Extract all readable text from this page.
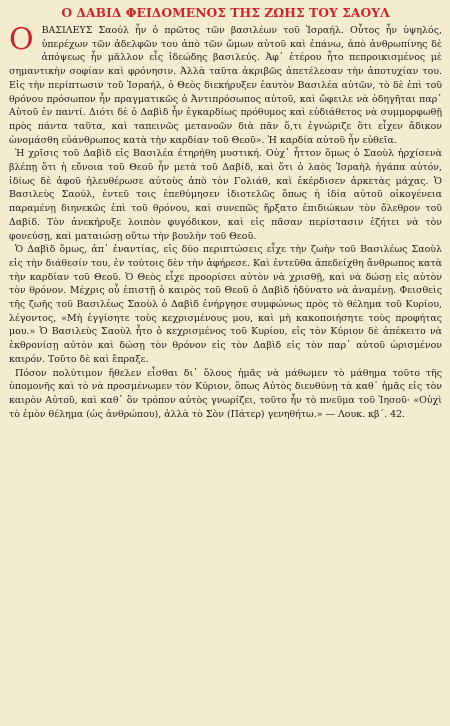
Ο ΔΑΒΙΔ ΦΕΙΔΟΜΕΝΟΣ ΤΗΣ ΖΩΗΣ ΤΟΥ ΣΑΟΥΛ

ΟΒΑΣΙΛΕΥΣ Σαούλ ἦν ὁ πρῶτος τῶν βασιλέων τοῦ Ἰσραήλ. Οὗτος ἦν ὑψηλός, ὑπερέχων τῶν ἀδελφῶν του ἀπὸ τῶν ὤμων αὐτοῦ καὶ ἐπάνω, ἀπὸ ἀνθρωπίνης δὲ ἀπόψεως ἦν μᾶλλον εἷς ἰδεώδης βασιλεύς. Ἀφ᾽ ἑτέρου ἦτο πεπροικισμένος μὲ σημαντικὴν σοφίαν καὶ φρόνησιν. Ἀλλὰ ταῦτα ἀκριβῶς ἀπετέλεσαν τὴν ἀποτυχίαν του. Εἰς τὴν περίπτωσιν τοῦ Ἰσραήλ, ὁ Θεὸς διεκήρυξεν ἑαυτὸν Βασιλέα αὐτῶν, τὸ δὲ ἐπὶ τοῦ θρόνου πρόσωπον ἦν πραγματικῶς ὁ Ἀντιπρόσωπος αὐτοῦ, καὶ ὤφειλε νὰ ὁδηγῆται παρ᾽ Αὐτοῦ ἐν παντί. Διότι δὲ ὁ Δαβὶδ ἦν ἐγκαρδίως πρόθυμος καὶ εὐδιάθετος νὰ συμμορφωθῇ πρὸς πάντα ταῦτα, καὶ ταπεινῶς μετανοῶν διὰ πᾶν ὅ,τι ἐγνώριζε ὅτι εἶχεν ἄδικον ὡνομάσθη εὐάνθρωπος κατὰ τὴν καρδίαν τοῦ Θεοῦ». Ἡ καρδία αὐτοῦ ἦν εὐθεῖα.

Ἡ χρῖσις τοῦ Δαβὶδ εἰς Βασιλέα ἐτηρήθη μυστική. Οὐχ᾽ ἧττον ὅμως ὁ Σαοὺλ ἠρχίσενὰ βλέπῃ ὅτι ἡ εὔνοια τοῦ Θεοῦ ἦν μετὰ τοῦ Δαβίδ, καὶ ὅτι ὁ λαὸς Ἰσραὴλ ἠγάπα αὐτόν, ἰδίως δὲ ἀφοῦ ἠλευθέρωσε αὐτοὺς ἀπὸ τὸν Γολιάθ, καὶ ἐκέρδισεν ἀρκετὰς μάχας. Ὁ Βασιλεὺς Σαούλ, ἐντεῦ τοις ἐπεθύμησεν ἰδιοτελῶς ὅπως ἡ ἰδία αὐτοῦ οἰκογένεια παραμένῃ διηνεκῶς ἐπὶ τοῦ θρόνου, καὶ συνεπῶς ἤρξατο ἐπιδιώκων τὸν ὄλεθρον τοῦ Δαβίδ. Τὸν ἀνεκήρυξε λοιπὸν φυγόδικον, καὶ εἰς πᾶσαν περίστασιν ἐζήτει νὰ τὸν φονεύσῃ, καὶ ματαιώσῃ οὕτω τὴν βουλὴν τοῦ Θεοῦ.

Ὁ Δαβὶδ ὅμως, ἀπ᾽ ἐναντίας, εἰς δύο περιπτώσεις εἶχε τὴν ζωὴν τοῦ Βασιλέως Σαοὺλ εἰς τὴν διάθεσίν του, ἐν τούτοις δὲν τὴν ἀφήρεσε. Καὶ ἐντεῦθα ἀπεδείχθη ἄνθρωπος κατὰ τὴν καρδίαν τοῦ Θεοῦ. Ὁ Θεὸς εἶχε προορίσει αὐτὸν νὰ χρισθῇ, καὶ νὰ δώσῃ εἰς αὐτὸν τὸν θρόνον. Μέχρις οὗ ἐπιστῇ ὁ καιρὸς τοῦ Θεοῦ ὁ Δαβὶδ ἠδύνατο νὰ ἀναμένῃ. Φεισθεὶς τῆς ζωῆς τοῦ Βασιλέως Σαοὺλ ὁ Δαβὶδ ἐνήργησε συμφώνως πρὸς τὸ θέλημα τοῦ Κυρίου, λέγοντος, «Μὴ ἐγγίσητε τοὺς κεχρισμένους μου, καὶ μὴ κακοποιήσητε τοὺς προφήτας μου.» Ὁ Βασιλεὺς Σαοὺλ ἦτο ὁ κεχρισμένος τοῦ Κυρίου, εἰς τὸν Κύριον δὲ ἀπέκειτο νὰ ἐκθρονίσῃ αὐτὸν καὶ δώσῃ τὸν θρόνον εἰς τὸν Δαβὶδ εἰς τὸν παρ᾽ αὐτοῦ ὡρισμένον καιρόν. Τοῦτο δὲ καὶ ἔπραξε.

Πόσον πολύτιμον ἤθελεν εἶσθαι δι᾽ ὅλους ἡμᾶς νὰ μάθωμεν τὸ μάθημα τοῦτο τῆς ὑπομονῆς καὶ τὸ νὰ προσμένωμεν τὸν Κύριον, ὅπως Αὐτὸς διευθύνῃ τὰ καθ᾽ ἡμᾶς εἰς τὸν καιρὸν Αὐτοῦ, καὶ καθ᾽ ὃν τρόπον αὐτὸς γνωρίζει, τοῦτο ἦν τὸ πνεῦμα τοῦ Ἰησοῦ· «Οὐχὶ τὸ ἐμὸν θέλημα (ὡς ἀνθρώπου), ἀλλὰ τὸ Σὸν (Πάτερ) γενηθήτω.» — Λουκ. κβ´. 42.
